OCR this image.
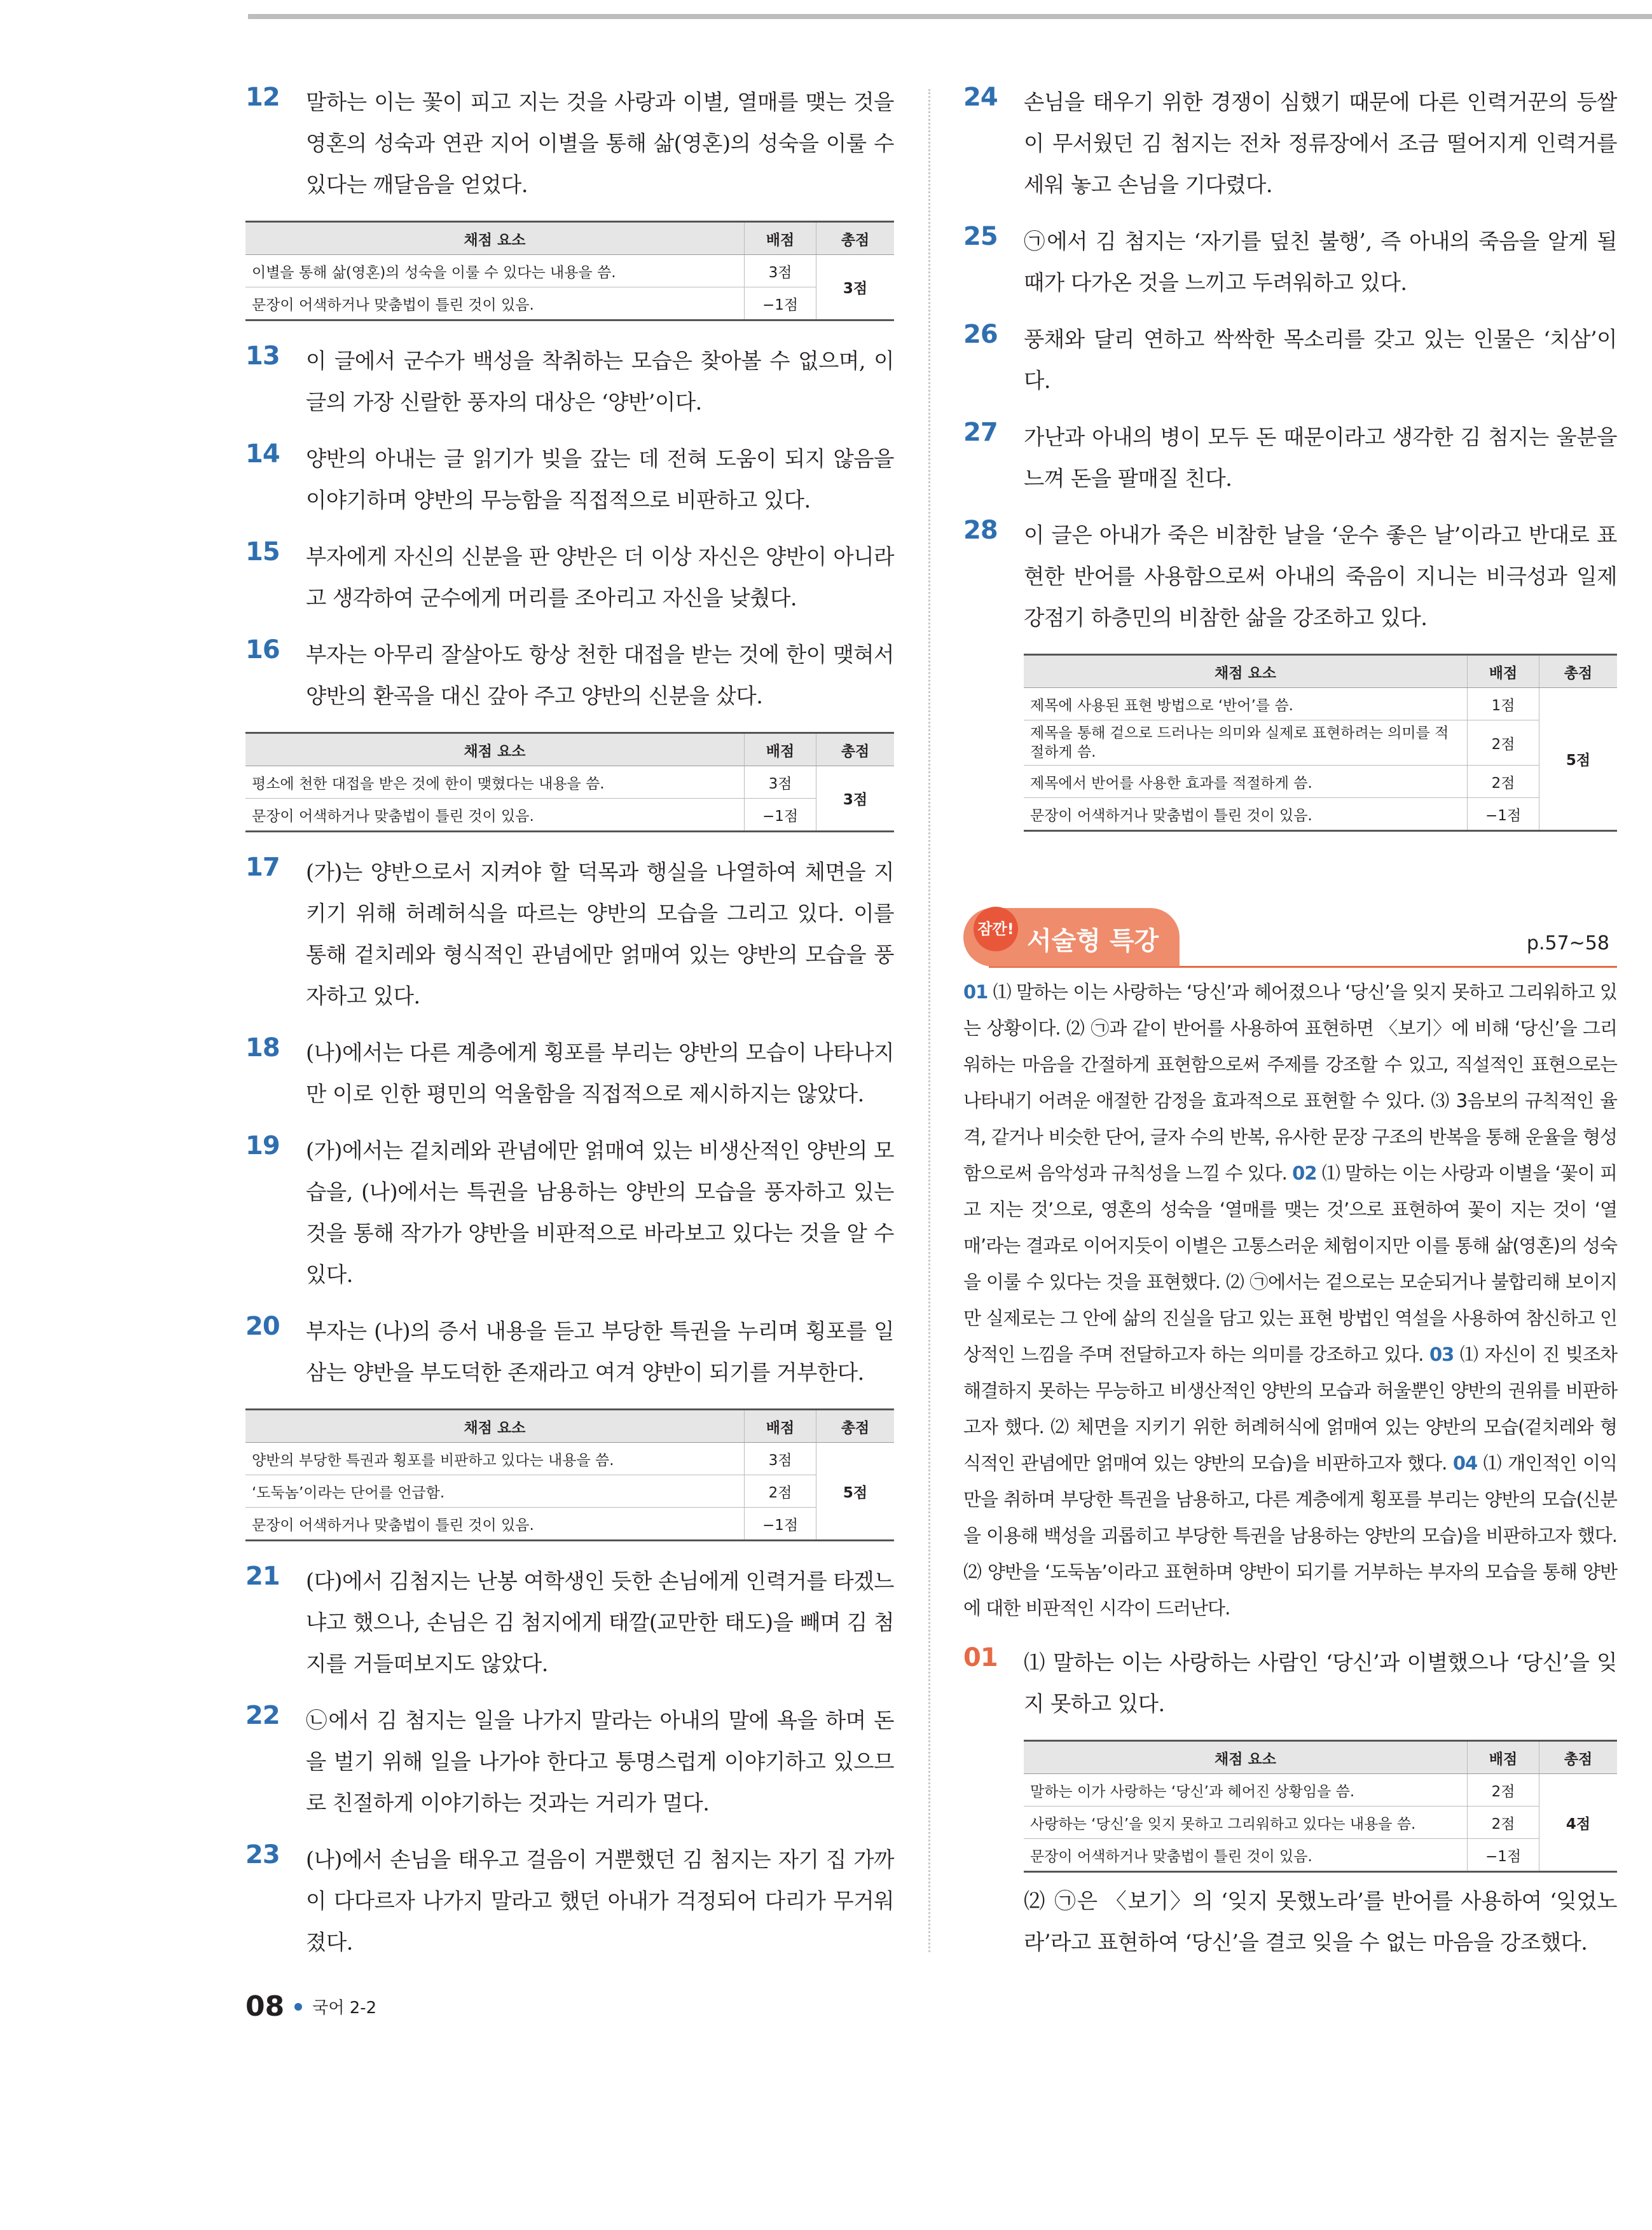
12 말하는 이는 꽃이 피고 지는 것을 사랑과 이별, 열매를 맺는 것을 영혼의 성숙과 연관 지어 이별을 통해 삶(영혼)의 성숙을 이룰 수 있다는 깨달음을 얻었다.
채점 요소	배점	총점
이별을 통해 삶(영혼)의 성숙을 이룰 수 있다는 내용을 씀.	3점	3점
문장이 어색하거나 맞춤법이 틀린 것이 있음.	−1점	
13 이 글에서 군수가 백성을 착취하는 모습은 찾아볼 수 없으며, 이 글의 가장 신랄한 풍자의 대상은 ‘양반’이다.
14 양반의 아내는 글 읽기가 빚을 갚는 데 전혀 도움이 되지 않음을 이야기하며 양반의 무능함을 직접적으로 비판하고 있다.
15 부자에게 자신의 신분을 판 양반은 더 이상 자신은 양반이 아니라고 생각하여 군수에게 머리를 조아리고 자신을 낮췄다.
16 부자는 아무리 잘살아도 항상 천한 대접을 받는 것에 한이 맺혀서 양반의 환곡을 대신 갚아 주고 양반의 신분을 샀다.
채점 요소	배점	총점
평소에 천한 대접을 받은 것에 한이 맺혔다는 내용을 씀.	3점	3점
문장이 어색하거나 맞춤법이 틀린 것이 있음.	−1점	
17 (가)는 양반으로서 지켜야 할 덕목과 행실을 나열하여 체면을 지키기 위해 허례허식을 따르는 양반의 모습을 그리고 있다. 이를 통해 겉치레와 형식적인 관념에만 얽매여 있는 양반의 모습을 풍자하고 있다.
18 (나)에서는 다른 계층에게 횡포를 부리는 양반의 모습이 나타나지만 이로 인한 평민의 억울함을 직접적으로 제시하지는 않았다.
19 (가)에서는 겉치레와 관념에만 얽매여 있는 비생산적인 양반의 모습을, (나)에서는 특권을 남용하는 양반의 모습을 풍자하고 있는 것을 통해 작가가 양반을 비판적으로 바라보고 있다는 것을 알 수 있다.
20 부자는 (나)의 증서 내용을 듣고 부당한 특권을 누리며 횡포를 일삼는 양반을 부도덕한 존재라고 여겨 양반이 되기를 거부한다.
채점 요소	배점	총점
양반의 부당한 특권과 횡포를 비판하고 있다는 내용을 씀.	3점	5점
‘도둑놈’이라는 단어를 언급함.	2점	
문장이 어색하거나 맞춤법이 틀린 것이 있음.	−1점	
21 (다)에서 김첨지는 난봉 여학생인 듯한 손님에게 인력거를 타겠느냐고 했으나, 손님은 김 첨지에게 태깔(교만한 태도)을 빼며 김 첨지를 거들떠보지도 않았다.
22 ㉡에서 김 첨지는 일을 나가지 말라는 아내의 말에 욕을 하며 돈을 벌기 위해 일을 나가야 한다고 퉁명스럽게 이야기하고 있으므로 친절하게 이야기하는 것과는 거리가 멀다.
23 (나)에서 손님을 태우고 걸음이 거뿐했던 김 첨지는 자기 집 가까이 다다르자 나가지 말라고 했던 아내가 걱정되어 다리가 무거워졌다.
24 손님을 태우기 위한 경쟁이 심했기 때문에 다른 인력거꾼의 등쌀이 무서웠던 김 첨지는 전차 정류장에서 조금 떨어지게 인력거를 세워 놓고 손님을 기다렸다.
25 ㉠에서 김 첨지는 ‘자기를 덮친 불행’, 즉 아내의 죽음을 알게 될 때가 다가온 것을 느끼고 두려워하고 있다.
26 풍채와 달리 연하고 싹싹한 목소리를 갖고 있는 인물은 ‘치삼’이다.
27 가난과 아내의 병이 모두 돈 때문이라고 생각한 김 첨지는 울분을 느껴 돈을 팔매질 친다.
28 이 글은 아내가 죽은 비참한 날을 ‘운수 좋은 날’이라고 반대로 표현한 반어를 사용함으로써 아내의 죽음이 지니는 비극성과 일제 강점기 하층민의 비참한 삶을 강조하고 있다.
채점 요소	배점	총점
제목에 사용된 표현 방법으로 ‘반어’를 씀.	1점	5점
제목을 통해 겉으로 드러나는 의미와 실제로 표현하려는 의미를 적절하게 씀.	2점	
제목에서 반어를 사용한 효과를 적절하게 씀.	2점	
문장이 어색하거나 맞춤법이 틀린 것이 있음.	−1점	
잠깐! 서술형 특강	p.57~58
01 ⑴ 말하는 이는 사랑하는 ‘당신’과 헤어졌으나 ‘당신’을 잊지 못하고 그리워하고 있는 상황이다. ⑵ ㉠과 같이 반어를 사용하여 표현하면 〈보기〉에 비해 ‘당신’을 그리워하는 마음을 간절하게 표현함으로써 주제를 강조할 수 있고, 직설적인 표현으로는 나타내기 어려운 애절한 감정을 효과적으로 표현할 수 있다. ⑶ 3음보의 규칙적인 율격, 같거나 비슷한 단어, 글자 수의 반복, 유사한 문장 구조의 반복을 통해 운율을 형성함으로써 음악성과 규칙성을 느낄 수 있다. 02 ⑴ 말하는 이는 사랑과 이별을 ‘꽃이 피고 지는 것’으로, 영혼의 성숙을 ‘열매를 맺는 것’으로 표현하여 꽃이 지는 것이 ‘열매’라는 결과로 이어지듯이 이별은 고통스러운 체험이지만 이를 통해 삶(영혼)의 성숙을 이룰 수 있다는 것을 표현했다. ⑵ ㉠에서는 겉으로는 모순되거나 불합리해 보이지만 실제로는 그 안에 삶의 진실을 담고 있는 표현 방법인 역설을 사용하여 참신하고 인상적인 느낌을 주며 전달하고자 하는 의미를 강조하고 있다. 03 ⑴ 자신이 진 빚조차 해결하지 못하는 무능하고 비생산적인 양반의 모습과 허울뿐인 양반의 권위를 비판하고자 했다. ⑵ 체면을 지키기 위한 허례허식에 얽매여 있는 양반의 모습(겉치레와 형식적인 관념에만 얽매여 있는 양반의 모습)을 비판하고자 했다. 04 ⑴ 개인적인 이익만을 취하며 부당한 특권을 남용하고, 다른 계층에게 횡포를 부리는 양반의 모습(신분을 이용해 백성을 괴롭히고 부당한 특권을 남용하는 양반의 모습)을 비판하고자 했다. ⑵ 양반을 ‘도둑놈’이라고 표현하며 양반이 되기를 거부하는 부자의 모습을 통해 양반에 대한 비판적인 시각이 드러난다.
01 ⑴ 말하는 이는 사랑하는 사람인 ‘당신’과 이별했으나 ‘당신’을 잊지 못하고 있다.
채점 요소	배점	총점
말하는 이가 사랑하는 ‘당신’과 헤어진 상황임을 씀.	2점	4점
사랑하는 ‘당신’을 잊지 못하고 그리워하고 있다는 내용을 씀.	2점	
문장이 어색하거나 맞춤법이 틀린 것이 있음.	−1점	
⑵ ㉠은 〈보기〉의 ‘잊지 못했노라’를 반어를 사용하여 ‘잊었노라’라고 표현하여 ‘당신’을 결코 잊을 수 없는 마음을 강조했다.
08 국어 2-2
